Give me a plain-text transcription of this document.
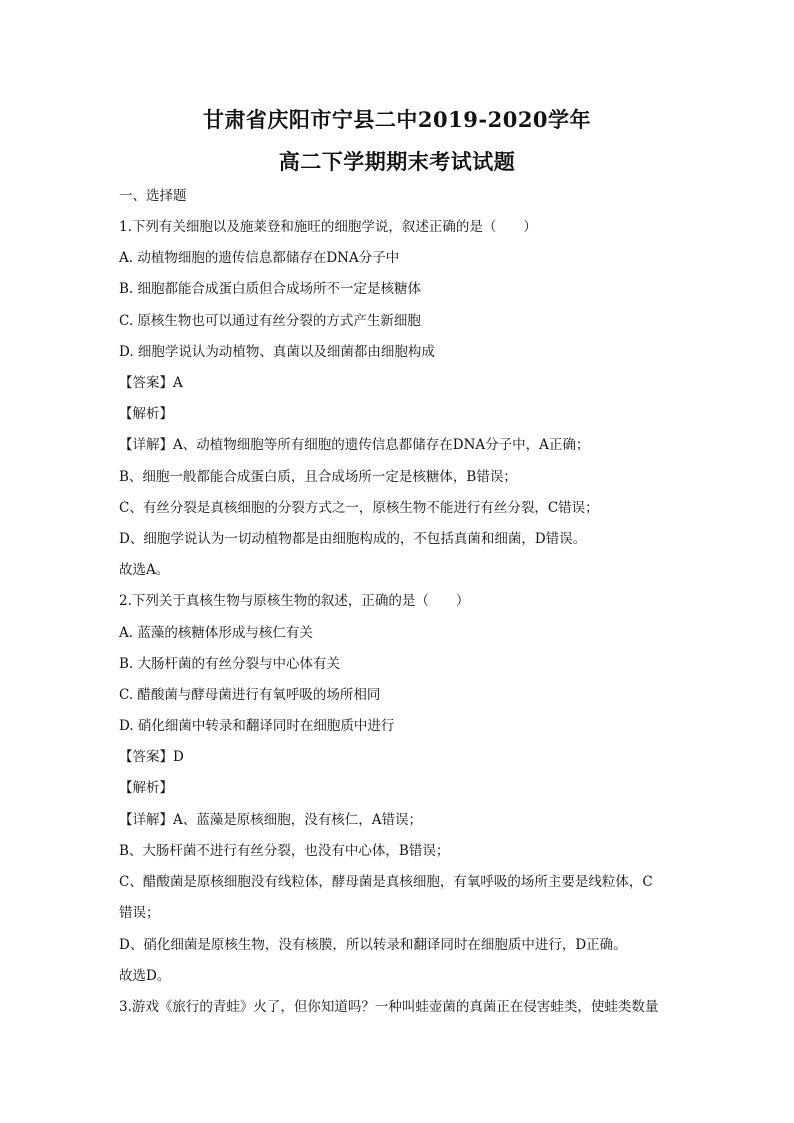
甘肃省庆阳市宁县二中2019-2020学年
高二下学期期末考试试题
一、选择题
1.下列有关细胞以及施莱登和施旺的细胞学说，叙述正确的是（　　）
A. 动植物细胞的遗传信息都储存在DNA分子中
B. 细胞都能合成蛋白质但合成场所不一定是核糖体
C. 原核生物也可以通过有丝分裂的方式产生新细胞
D. 细胞学说认为动植物、真菌以及细菌都由细胞构成
【答案】A
【解析】
【详解】A、动植物细胞等所有细胞的遗传信息都储存在DNA分子中，A正确；
B、细胞一般都能合成蛋白质，且合成场所一定是核糖体，B错误；
C、有丝分裂是真核细胞的分裂方式之一，原核生物不能进行有丝分裂，C错误；
D、细胞学说认为一切动植物都是由细胞构成的，不包括真菌和细菌，D错误。
故选A。
2.下列关于真核生物与原核生物的叙述，正确的是（　　）
A. 蓝藻的核糖体形成与核仁有关
B. 大肠杆菌的有丝分裂与中心体有关
C. 醋酸菌与酵母菌进行有氧呼吸的场所相同
D. 硝化细菌中转录和翻译同时在细胞质中进行
【答案】D
【解析】
【详解】A、蓝藻是原核细胞，没有核仁，A错误；
B、大肠杆菌不进行有丝分裂，也没有中心体，B错误；
C、醋酸菌是原核细胞没有线粒体，酵母菌是真核细胞，有氧呼吸的场所主要是线粒体，C
错误；
D、硝化细菌是原核生物，没有核膜，所以转录和翻译同时在细胞质中进行，D正确。
故选D。
3.游戏《旅行的青蛙》火了，但你知道吗？一种叫蛙壶菌的真菌正在侵害蛙类，使蛙类数量
